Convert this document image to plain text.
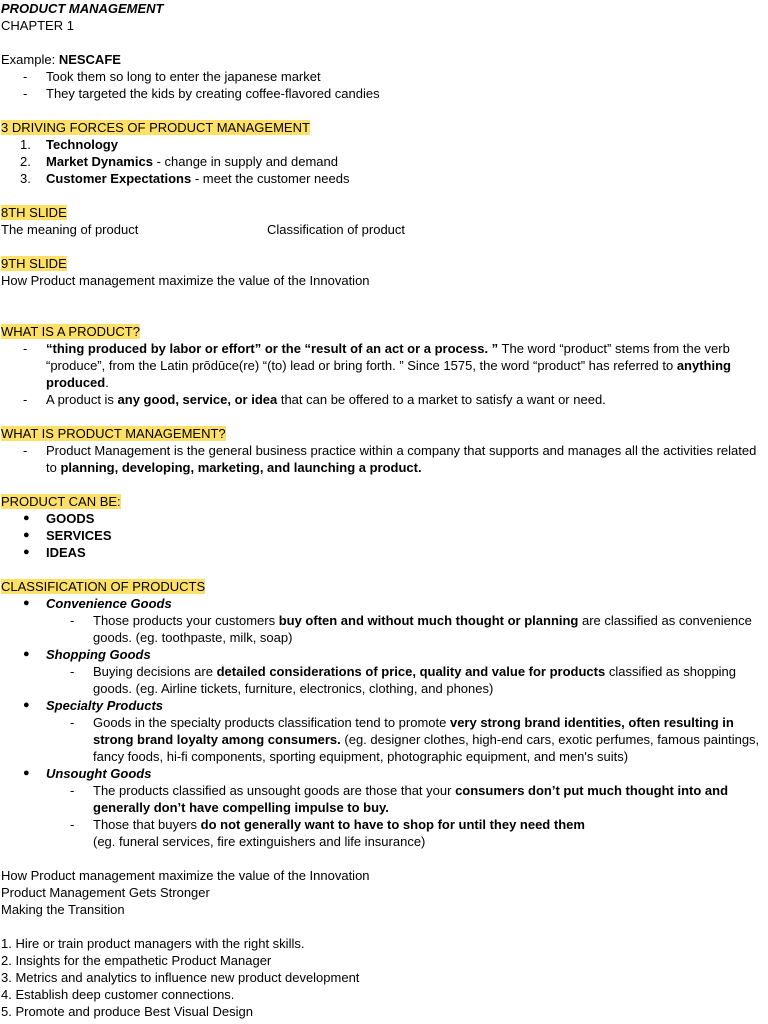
PRODUCT MANAGEMENT
CHAPTER 1
Example: NESCAFE
-	Took them so long to enter the japanese market
-	They targeted the kids by creating coffee-flavored candies
3 DRIVING FORCES OF PRODUCT MANAGEMENT
1.	Technology
2.	Market Dynamics - change in supply and demand
3.	Customer Expectations - meet the customer needs
8TH SLIDE
The meaning of product	Classification of product
9TH SLIDE
How Product management maximize the value of the Innovation
WHAT IS A PRODUCT?
-	“thing produced by labor or effort” or the “result of an act or a process. ” The word “product” stems from the verb “produce”, from the Latin prōdūce(re) “(to) lead or bring forth. ” Since 1575, the word “product” has referred to anything produced.
-	A product is any good, service, or idea that can be offered to a market to satisfy a want or need.
WHAT IS PRODUCT MANAGEMENT?
-	Product Management is the general business practice within a company that supports and manages all the activities related to planning, developing, marketing, and launching a product.
PRODUCT CAN BE:
●	GOODS
●	SERVICES
●	IDEAS
CLASSIFICATION OF PRODUCTS
●	Convenience Goods
-	Those products your customers buy often and without much thought or planning are classified as convenience goods. (eg. toothpaste, milk, soap)
●	Shopping Goods
-	Buying decisions are detailed considerations of price, quality and value for products classified as shopping goods. (eg. Airline tickets, furniture, electronics, clothing, and phones)
●	Specialty Products
-	Goods in the specialty products classification tend to promote very strong brand identities, often resulting in strong brand loyalty among consumers. (eg. designer clothes, high-end cars, exotic perfumes, famous paintings, fancy foods, hi-fi components, sporting equipment, photographic equipment, and men's suits)
●	Unsought Goods
-	The products classified as unsought goods are those that your consumers don’t put much thought into and generally don’t have compelling impulse to buy.
-	Those that buyers do not generally want to have to shop for until they need them
(eg. funeral services, fire extinguishers and life insurance)
How Product management maximize the value of the Innovation
Product Management Gets Stronger
Making the Transition
1. Hire or train product managers with the right skills.
2. Insights for the empathetic Product Manager
3. Metrics and analytics to influence new product development
4. Establish deep customer connections.
5. Promote and produce Best Visual Design
